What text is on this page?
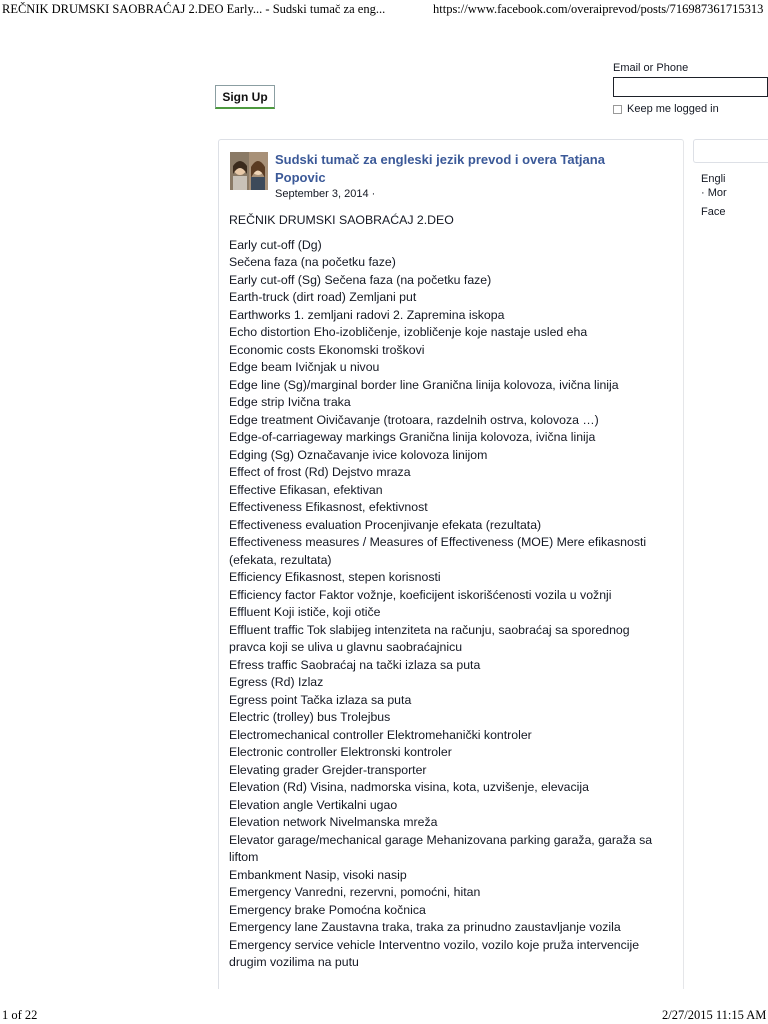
REČNIK DRUMSKI SAOBRAĆAJ 2.DEO Early... - Sudski tumač za eng...	https://www.facebook.com/overaiprevod/posts/716987361715313
Sign Up
Email or Phone
Keep me logged in
Sudski tumač za engleski jezik prevod i overa Tatjana Popovic
September 3, 2014 ·
REČNIK DRUMSKI SAOBRAĆAJ 2.DEO
Early cut-off (Dg)
Sečena faza (na početku faze)
Early cut-off (Sg) Sečena faza (na početku faze)
Earth-truck (dirt road) Zemljani put
Earthworks 1. zemljani radovi 2. Zapremina iskopa
Echo distortion Eho-izobličenje, izobličenje koje nastaje usled eha
Economic costs Ekonomski troškovi
Edge beam Ivičnjak u nivou
Edge line (Sg)/marginal border line Granična linija kolovoza, ivična linija
Edge strip Ivična traka
Edge treatment Oivičavanje (trotoara, razdelnih ostrva, kolovoza …)
Edge-of-carriageway markings Granična linija kolovoza, ivična linija
Edging (Sg) Označavanje ivice kolovoza linijom
Effect of frost (Rd) Dejstvo mraza
Effective Efikasan, efektivan
Effectiveness Efikasnost, efektivnost
Effectiveness evaluation Procenjivanje efekata (rezultata)
Effectiveness measures / Measures of Effectiveness (MOE) Mere efikasnosti
(efekata, rezultata)
Efficiency Efikasnost, stepen korisnosti
Efficiency factor Faktor vožnje, koeficijent iskorišćenosti vozila u vožnji
Effluent Koji ističe, koji otiče
Effluent traffic Tok slabijeg intenziteta na računju, saobraćaj sa sporednog
pravca koji se uliva u glavnu saobraćajnicu
Efress traffic Saobraćaj na tački izlaza sa puta
Egress (Rd) Izlaz
Egress point Tačka izlaza sa puta
Electric (trolley) bus Trolejbus
Electromechanical controller Elektromehanički kontroler
Electronic controller Elektronski kontroler
Elevating grader Grejder-transporter
Elevation (Rd) Visina, nadmorska visina, kota, uzvišenje, elevacija
Elevation angle Vertikalni ugao
Elevation network Nivelmanska mreža
Elevator garage/mechanical garage Mehanizovana parking garaža, garaža sa
liftom
Embankment Nasip, visoki nasip
Emergency Vanredni, rezervni, pomoćni, hitan
Emergency brake Pomoćna kočnica
Emergency lane Zaustavna traka, traka za prinudno zaustavljanje vozila
Emergency service vehicle Interventno vozilo, vozilo koje pruža intervencije
drugim vozilima na putu
Engli
· Mor
Face
1 of 22	2/27/2015 11:15 AM
